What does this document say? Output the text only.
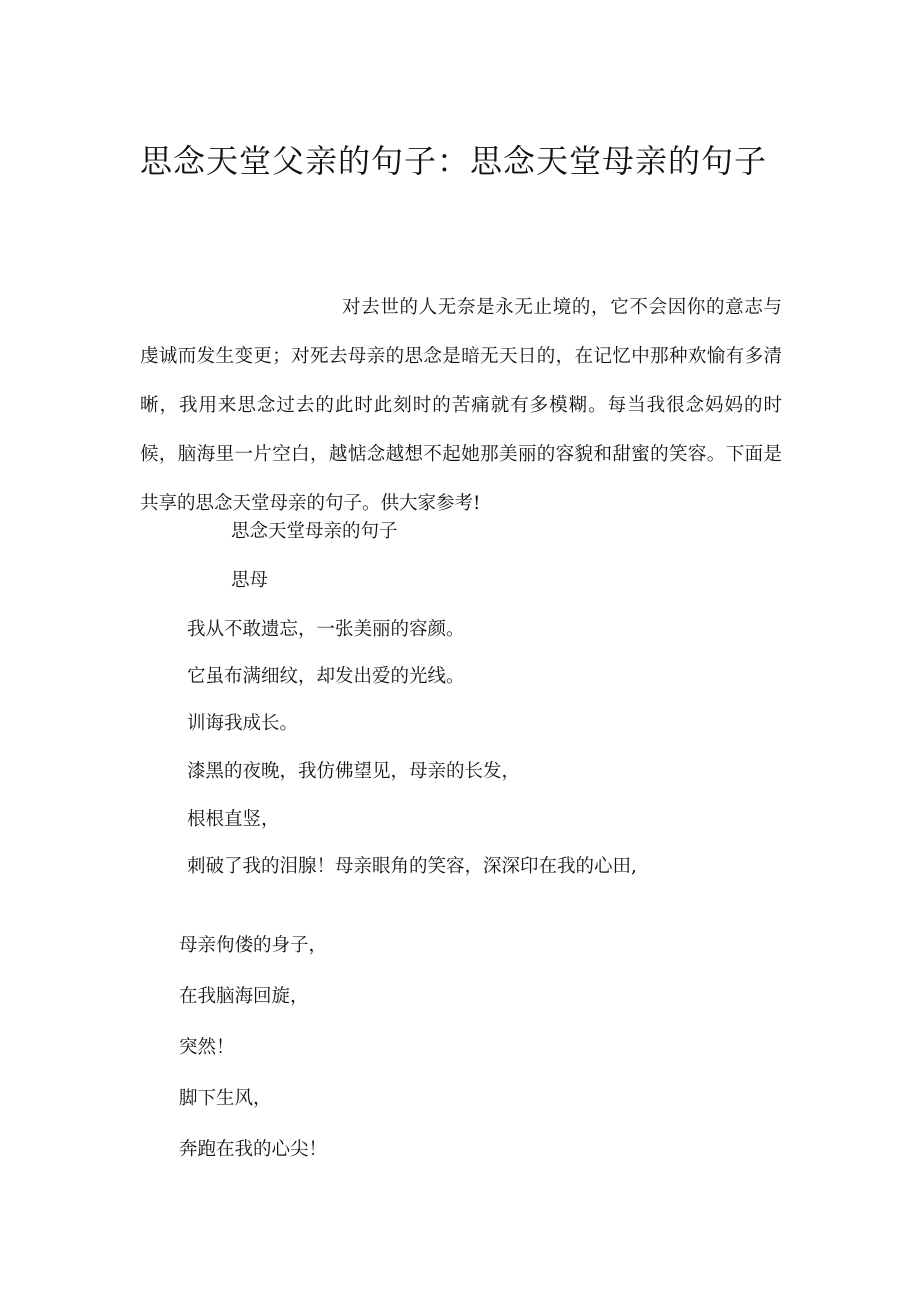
思念天堂父亲的句子：思念天堂母亲的句子

对去世的人无奈是永无止境的，它不会因你的意志与虔诚而发生变更；对死去母亲的思念是暗无天日的，在记忆中那种欢愉有多清晰，我用来思念过去的此时此刻时的苦痛就有多模糊。每当我很念妈妈的时候，脑海里一片空白，越惦念越想不起她那美丽的容貌和甜蜜的笑容。下面是共享的思念天堂母亲的句子。供大家参考!

思念天堂母亲的句子

思母

我从不敢遗忘，一张美丽的容颜。

它虽布满细纹，却发出爱的光线。

训诲我成长。

漆黑的夜晚，我仿佛望见，母亲的长发，

根根直竖，

刺破了我的泪腺！母亲眼角的笑容，深深印在我的心田,

母亲佝偻的身子，

在我脑海回旋，

突然！

脚下生风，

奔跑在我的心尖！
